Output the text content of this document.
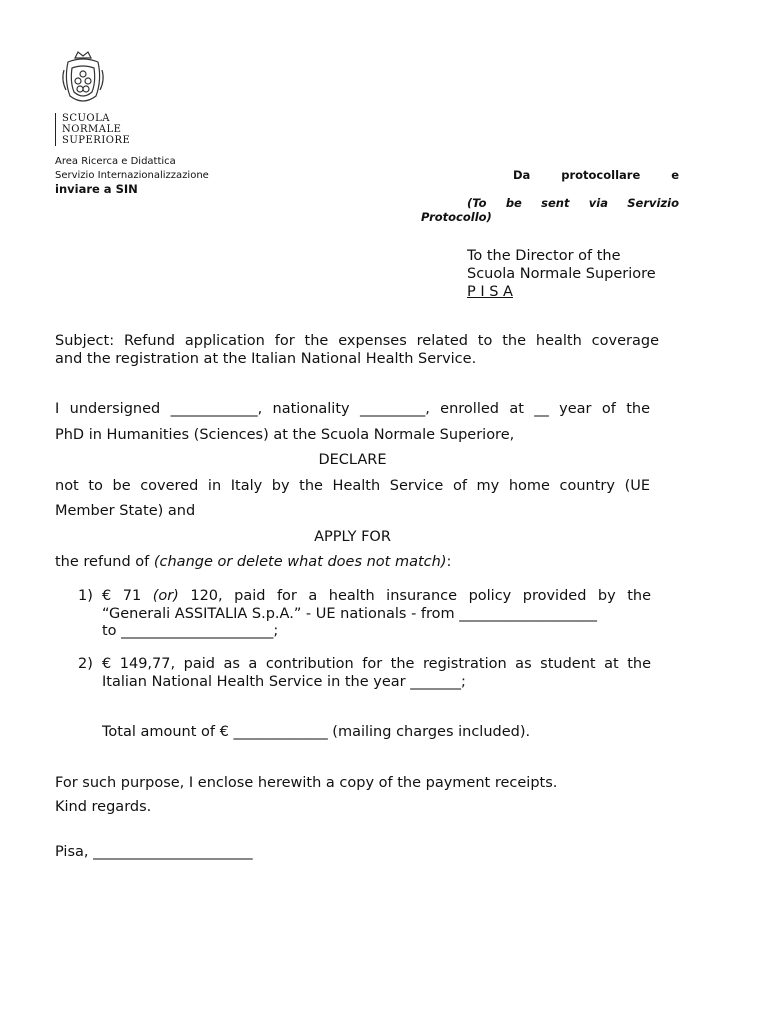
SCUOLA
NORMALE
SUPERIORE
Area Ricerca e Didattica
Servizio Internazionalizzazione
inviare a SIN
Da protocollare e
(To be sent via Servizio
Protocollo)
To the Director of the
Scuola Normale Superiore
P I S A
Subject: Refund application for the expenses related to the health coverage
and the registration at the Italian National Health Service.
I undersigned ____________, nationality _________, enrolled at __ year of the
PhD in Humanities (Sciences) at the Scuola Normale Superiore,
DECLARE
not to be covered in Italy by the Health Service of my home country (UE
Member State) and
APPLY FOR
the refund of (change or delete what does not match):
1) € 71 (or) 120, paid for a health insurance policy provided by the
“Generali ASSITALIA S.p.A.” - UE nationals - from ___________________
to _____________________;
2) € 149,77, paid as a contribution for the registration as student at the
Italian National Health Service in the year _______;
Total amount of € _____________ (mailing charges included).
For such purpose, I enclose herewith a copy of the payment receipts.
Kind regards.
Pisa, ______________________
